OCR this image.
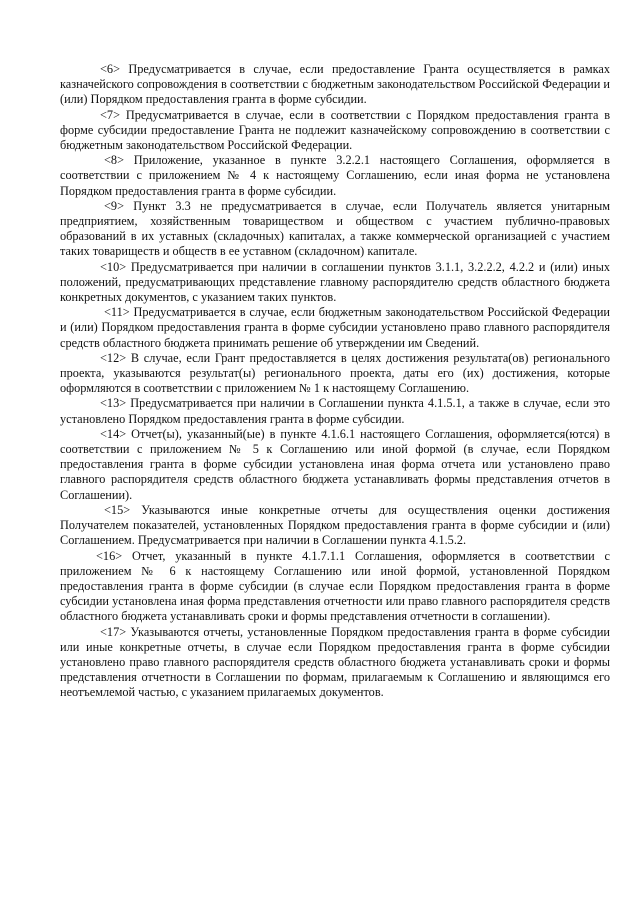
<6> Предусматривается в случае, если предоставление Гранта осуществляется в рамках казначейского сопровождения в соответствии с бюджетным законодательством Российской Федерации и (или) Порядком предоставления гранта в форме субсидии.

<7> Предусматривается в случае, если в соответствии с Порядком предоставления гранта в форме субсидии предоставление Гранта не подлежит казначейскому сопровождению в соответствии с бюджетным законодательством Российской Федерации.

<8> Приложение, указанное в пункте 3.2.2.1 настоящего Соглашения, оформляется в соответствии с приложением № 4 к настоящему Соглашению, если иная форма не установлена Порядком предоставления гранта в форме субсидии.

<9> Пункт 3.3 не предусматривается в случае, если Получатель является унитарным предприятием, хозяйственным товариществом и обществом с участием публично-правовых образований в их уставных (складочных) капиталах, а также коммерческой организацией с участием таких товариществ и обществ в ее уставном (складочном) капитале.

<10> Предусматривается при наличии в соглашении пунктов 3.1.1, 3.2.2.2, 4.2.2 и (или) иных положений, предусматривающих представление главному распорядителю средств областного бюджета конкретных документов, с указанием таких пунктов.

<11> Предусматривается в случае, если бюджетным законодательством Российской Федерации и (или) Порядком предоставления гранта в форме субсидии установлено право главного распорядителя средств областного бюджета принимать решение об утверждении им Сведений.

<12> В случае, если Грант предоставляется в целях достижения результата(ов) регионального проекта, указываются результат(ы) регионального проекта, даты его (их) достижения, которые оформляются в соответствии с приложением № 1 к настоящему Соглашению.

<13> Предусматривается при наличии в Соглашении пункта 4.1.5.1, а также в случае, если это установлено Порядком предоставления гранта в форме субсидии.

<14> Отчет(ы), указанный(ые) в пункте 4.1.6.1 настоящего Соглашения, оформляется(ются) в соответствии с приложением № 5 к Соглашению или иной формой (в случае, если Порядком предоставления гранта в форме субсидии установлена иная форма отчета или установлено право главного распорядителя средств областного бюджета устанавливать формы представления отчетов в Соглашении).

<15> Указываются иные конкретные отчеты для осуществления оценки достижения Получателем показателей, установленных Порядком предоставления гранта в форме субсидии и (или) Соглашением. Предусматривается при наличии в Соглашении пункта 4.1.5.2.

<16> Отчет, указанный в пункте 4.1.7.1.1 Соглашения, оформляется в соответствии с приложением № 6 к настоящему Соглашению или иной формой, установленной Порядком предоставления гранта в форме субсидии (в случае если Порядком предоставления гранта в форме субсидии установлена иная форма представления отчетности или право главного распорядителя средств областного бюджета устанавливать сроки и формы представления отчетности в соглашении).

<17> Указываются отчеты, установленные Порядком предоставления гранта в форме субсидии или иные конкретные отчеты, в случае если Порядком предоставления гранта в форме субсидии установлено право главного распорядителя средств областного бюджета устанавливать сроки и формы представления отчетности в Соглашении по формам, прилагаемым к Соглашению и являющимся его неотъемлемой частью, с указанием прилагаемых документов.
